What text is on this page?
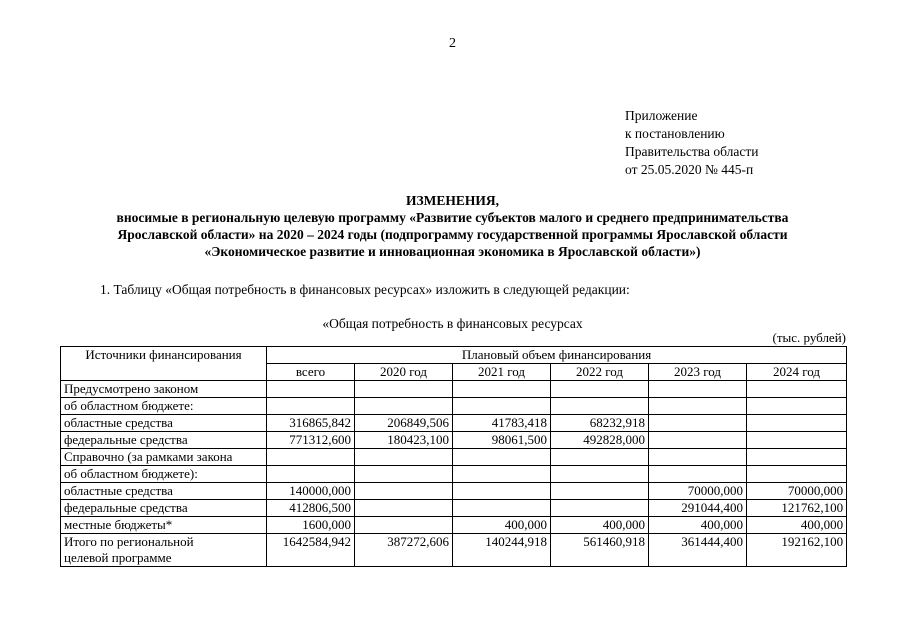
2
Приложение
к постановлению
Правительства области
от 25.05.2020 № 445-п
ИЗМЕНЕНИЯ,
вносимые в региональную целевую программу «Развитие субъектов малого и среднего предпринимательства
Ярославской области» на 2020 – 2024 годы (подпрограмму государственной программы Ярославской области
«Экономическое развитие и инновационная экономика в Ярославской области»)
1. Таблицу «Общая потребность в финансовых ресурсах» изложить в следующей редакции:
«Общая потребность в финансовых ресурсах
(тыс. рублей)
Источники финансирования	Плановый объем финансирования					
	всего	2020 год	2021 год	2022 год	2023 год	2024 год
Предусмотрено законом						
об областном бюджете:						
областные средства	316865,842	206849,506	41783,418	68232,918		
федеральные средства	771312,600	180423,100	98061,500	492828,000		
Справочно (за рамками закона						
об областном бюджете):						
областные средства	140000,000				70000,000	70000,000
федеральные средства	412806,500				291044,400	121762,100
местные бюджеты*	1600,000		400,000	400,000	400,000	400,000

Итого по региональной
целевой программе	1642584,942	387272,606	140244,918	561460,918	361444,400	192162,100
